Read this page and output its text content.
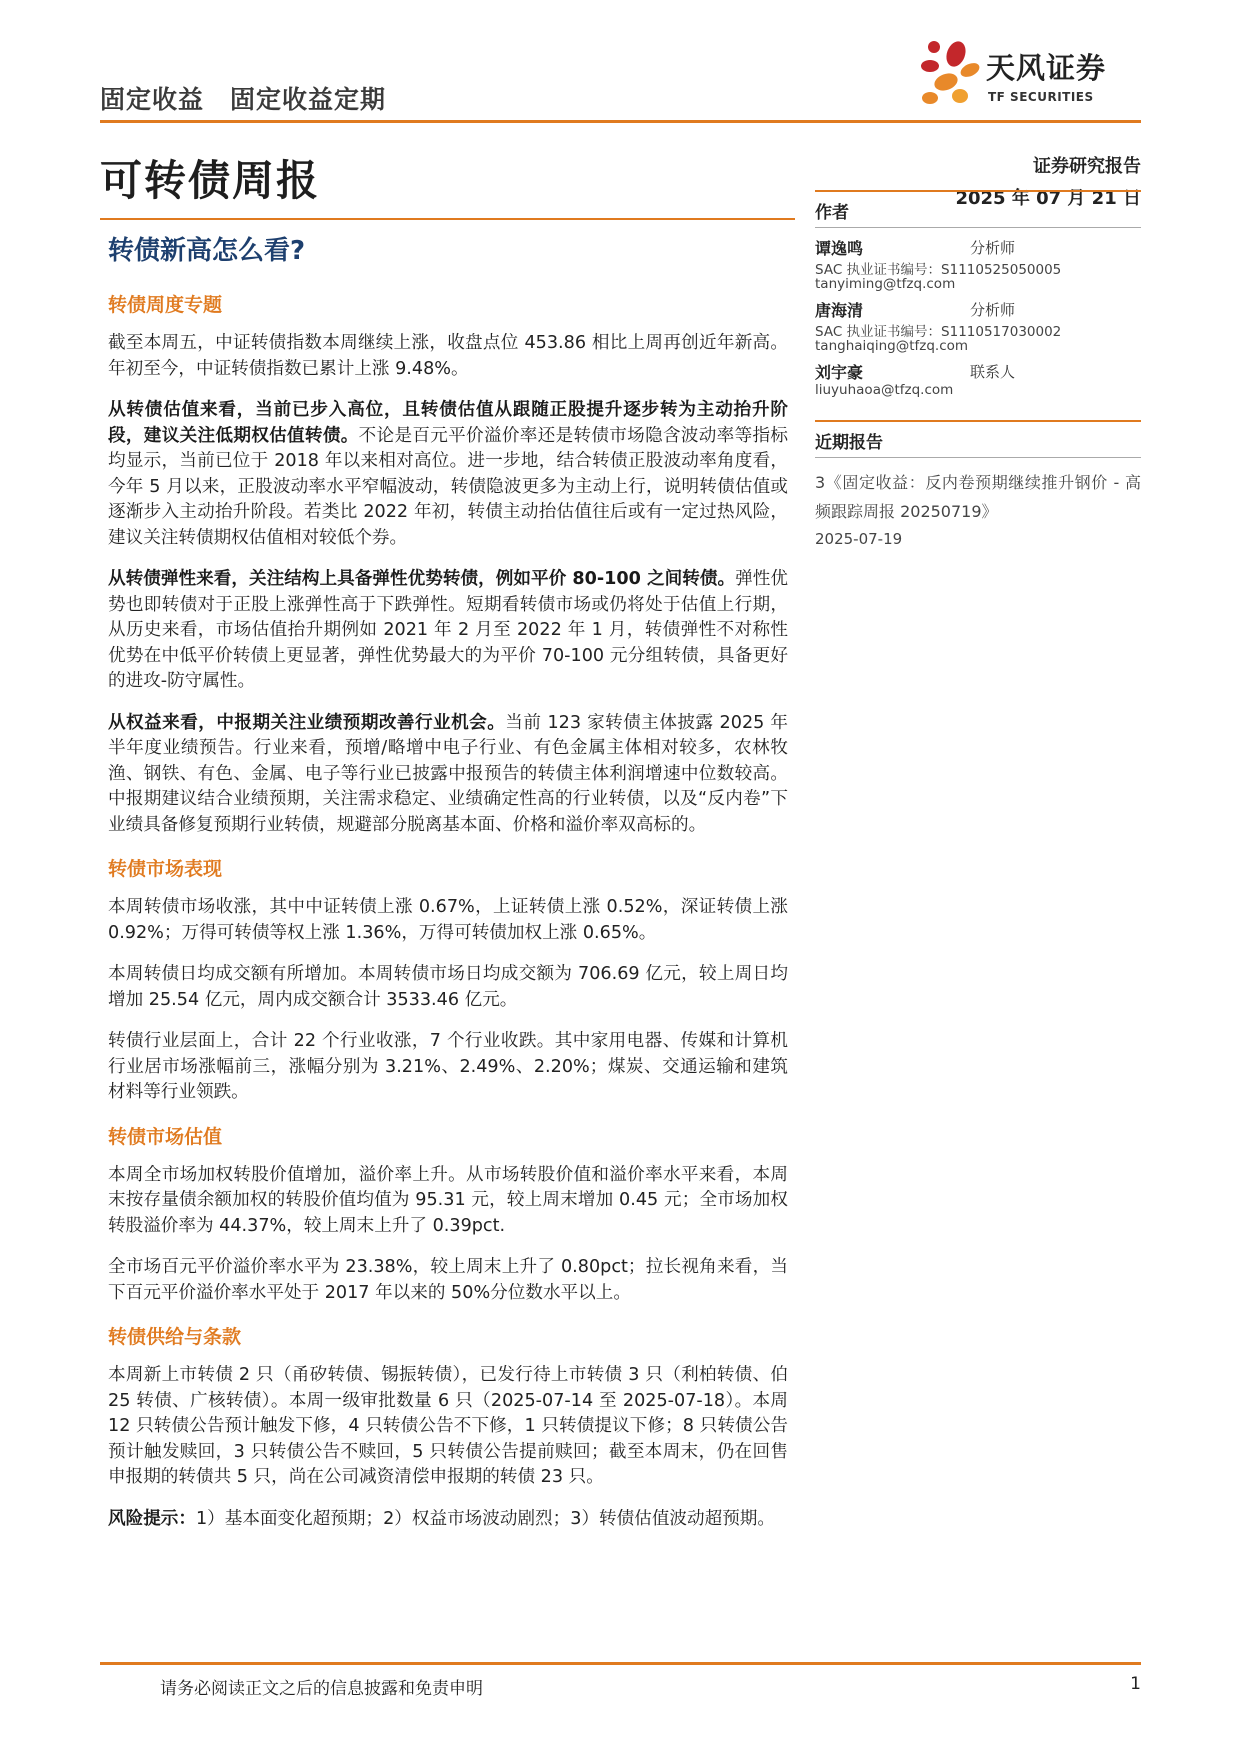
固定收益 固定收益定期
天风证券
TF SECURITIES
可转债周报	证券研究报告
2025 年 07 月 21 日
转债新高怎么看?
转债周度专题

截至本周五，中证转债指数本周继续上涨，收盘点位 453.86 相比上周再创近年新高。年初至今，中证转债指数已累计上涨 9.48%。

从转债估值来看，当前已步入高位，且转债估值从跟随正股提升逐步转为主动抬升阶段，建议关注低期权估值转债。不论是百元平价溢价率还是转债市场隐含波动率等指标均显示，当前已位于 2018 年以来相对高位。进一步地，结合转债正股波动率角度看，今年 5 月以来，正股波动率水平窄幅波动，转债隐波更多为主动上行，说明转债估值或逐渐步入主动抬升阶段。若类比 2022 年初，转债主动抬估值往后或有一定过热风险，建议关注转债期权估值相对较低个券。

从转债弹性来看，关注结构上具备弹性优势转债，例如平价 80-100 之间转债。弹性优势也即转债对于正股上涨弹性高于下跌弹性。短期看转债市场或仍将处于估值上行期，从历史来看，市场估值抬升期例如 2021 年 2 月至 2022 年 1 月，转债弹性不对称性优势在中低平价转债上更显著，弹性优势最大的为平价 70-100 元分组转债，具备更好的进攻-防守属性。

从权益来看，中报期关注业绩预期改善行业机会。当前 123 家转债主体披露 2025 年半年度业绩预告。行业来看，预增/略增中电子行业、有色金属主体相对较多，农林牧渔、钢铁、有色、金属、电子等行业已披露中报预告的转债主体利润增速中位数较高。中报期建议结合业绩预期，关注需求稳定、业绩确定性高的行业转债，以及“反内卷”下业绩具备修复预期行业转债，规避部分脱离基本面、价格和溢价率双高标的。

转债市场表现

本周转债市场收涨，其中中证转债上涨 0.67%，上证转债上涨 0.52%，深证转债上涨 0.92%；万得可转债等权上涨 1.36%，万得可转债加权上涨 0.65%。

本周转债日均成交额有所增加。本周转债市场日均成交额为 706.69 亿元，较上周日均增加 25.54 亿元，周内成交额合计 3533.46 亿元。

转债行业层面上，合计 22 个行业收涨，7 个行业收跌。其中家用电器、传媒和计算机行业居市场涨幅前三，涨幅分别为 3.21%、2.49%、2.20%；煤炭、交通运输和建筑材料等行业领跌。

转债市场估值

本周全市场加权转股价值增加，溢价率上升。从市场转股价值和溢价率水平来看，本周末按存量债余额加权的转股价值均值为 95.31 元，较上周末增加 0.45 元；全市场加权转股溢价率为 44.37%，较上周末上升了 0.39pct.

全市场百元平价溢价率水平为 23.38%，较上周末上升了 0.80pct；拉长视角来看，当下百元平价溢价率水平处于 2017 年以来的 50%分位数水平以上。

转债供给与条款

本周新上市转债 2 只（甬矽转债、锡振转债），已发行待上市转债 3 只（利柏转债、伯 25 转债、广核转债）。本周一级审批数量 6 只（2025-07-14 至 2025-07-18）。本周 12 只转债公告预计触发下修，4 只转债公告不下修，1 只转债提议下修；8 只转债公告预计触发赎回，3 只转债公告不赎回，5 只转债公告提前赎回；截至本周末，仍在回售申报期的转债共 5 只，尚在公司减资清偿申报期的转债 23 只。

风险提示：1）基本面变化超预期；2）权益市场波动剧烈；3）转债估值波动超预期。

作者
谭逸鸣	分析师
SAC 执业证书编号：S1110525050005
tanyiming@tfzq.com
唐海清	分析师
SAC 执业证书编号：S1110517030002
tanghaiqing@tfzq.com
刘宇豪	联系人
liuyuhaoa@tfzq.com
近期报告
3《固定收益：反内卷预期继续推升钢价 - 高频跟踪周报 20250719》
2025-07-19
请务必阅读正文之后的信息披露和免责申明	1
